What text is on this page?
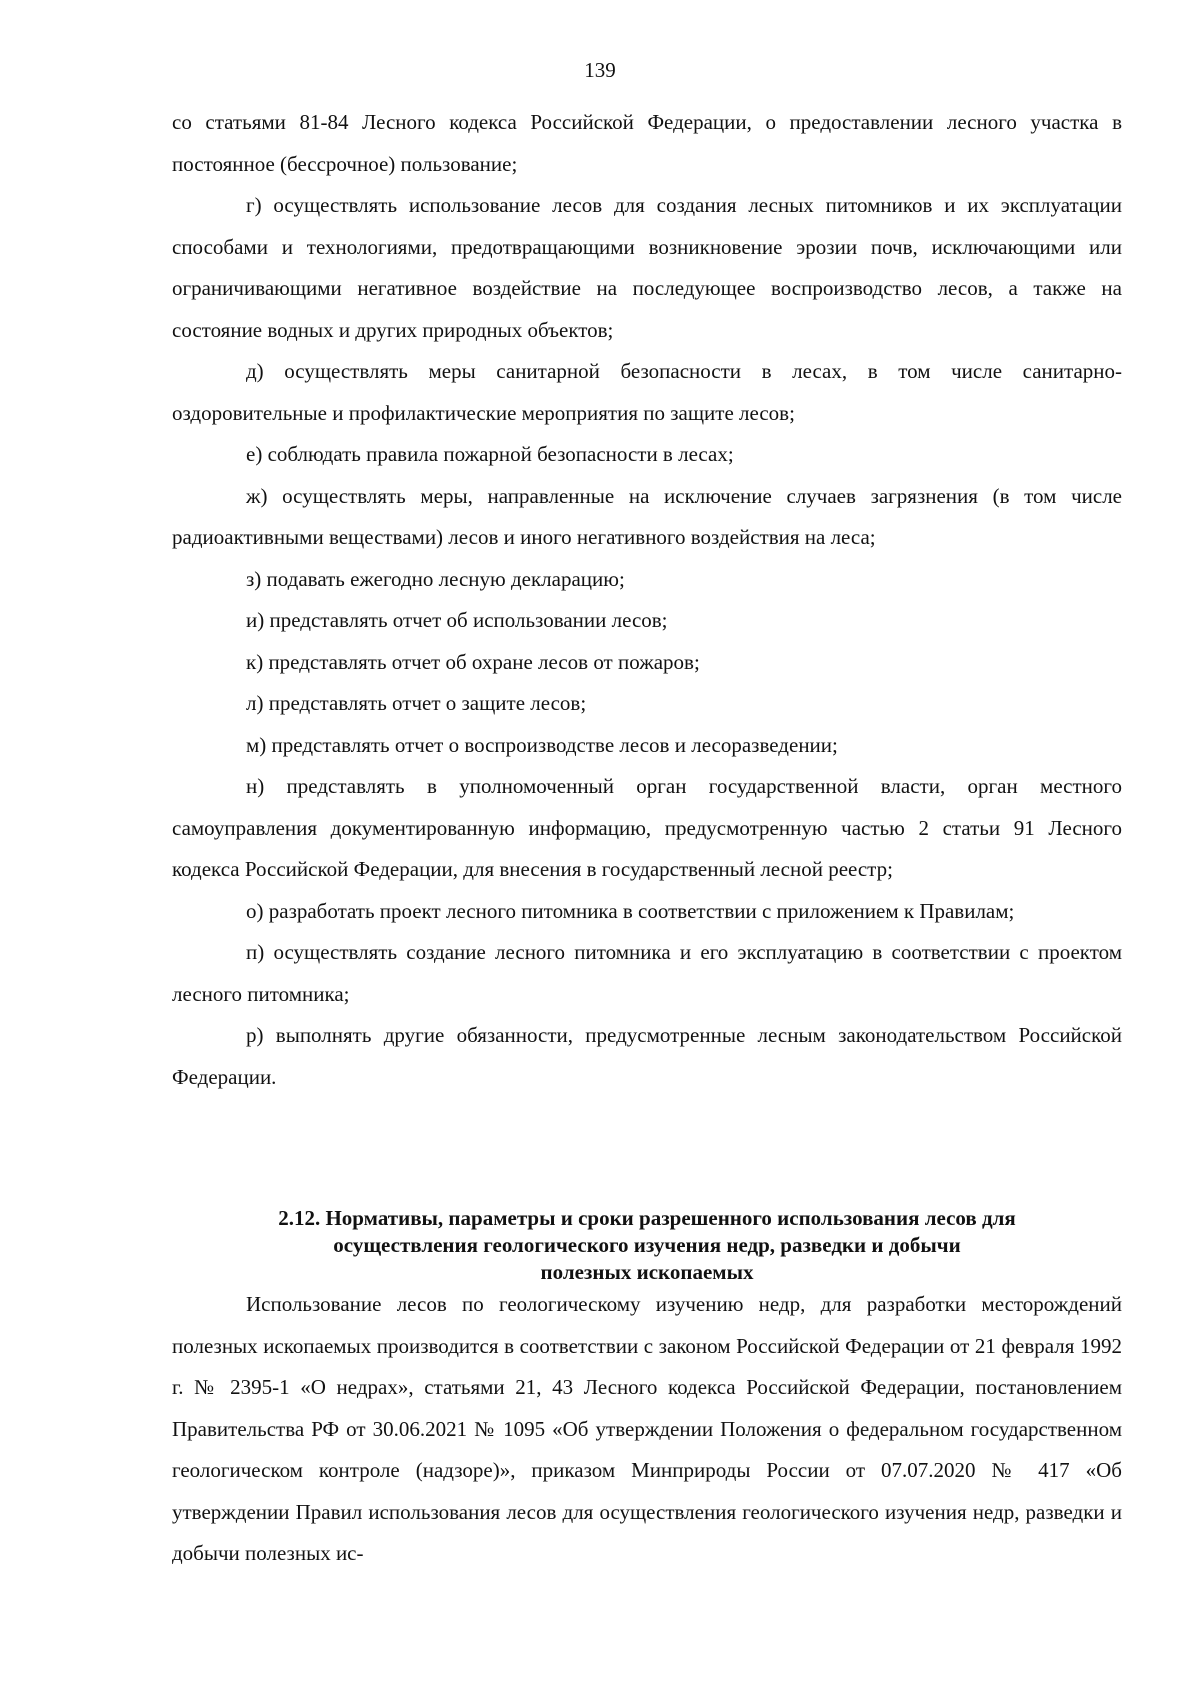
139

со статьями 81-84 Лесного кодекса Российской Федерации, о предоставлении лесного участка в постоянное (бессрочное) пользование;

г) осуществлять использование лесов для создания лесных питомников и их эксплуатации способами и технологиями, предотвращающими возникновение эрозии почв, исключающими или ограничивающими негативное воздействие на последующее воспроизводство лесов, а также на состояние водных и других природных объектов;

д) осуществлять меры санитарной безопасности в лесах, в том числе санитарно-оздоровительные и профилактические мероприятия по защите лесов;

е) соблюдать правила пожарной безопасности в лесах;

ж) осуществлять меры, направленные на исключение случаев загрязнения (в том числе радиоактивными веществами) лесов и иного негативного воздействия на леса;

з) подавать ежегодно лесную декларацию;

и) представлять отчет об использовании лесов;

к) представлять отчет об охране лесов от пожаров;

л) представлять отчет о защите лесов;

м) представлять отчет о воспроизводстве лесов и лесоразведении;

н) представлять в уполномоченный орган государственной власти, орган местного самоуправления документированную информацию, предусмотренную частью 2 статьи 91 Лесного кодекса Российской Федерации, для внесения в государственный лесной реестр;

о) разработать проект лесного питомника в соответствии с приложением к Правилам;

п) осуществлять создание лесного питомника и его эксплуатацию в соответствии с проектом лесного питомника;

р) выполнять другие обязанности, предусмотренные лесным законодательством Российской Федерации.

2.12. Нормативы, параметры и сроки разрешенного использования лесов для
осуществления геологического изучения недр, разведки и добычи
полезных ископаемых

Использование лесов по геологическому изучению недр, для разработки месторождений полезных ископаемых производится в соответствии с законом Российской Федерации от 21 февраля 1992 г. № 2395-1 «О недрах», статьями 21, 43 Лесного кодекса Российской Федерации, постановлением Правительства РФ от 30.06.2021 № 1095 «Об утверждении Положения о федеральном государственном геологическом контроле (надзоре)», приказом Минприроды России от 07.07.2020 № 417 «Об утверждении Правил использования лесов для осуществления геологического изучения недр, разведки и добычи полезных ис-
